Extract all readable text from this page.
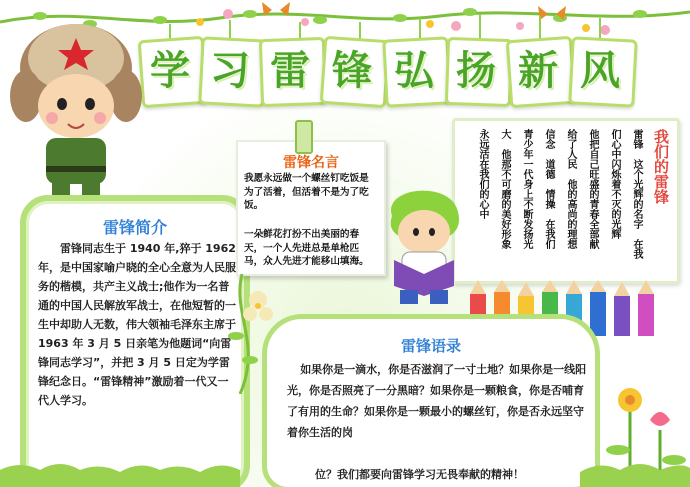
学 习 雷 锋 弘 扬 新 风
雷锋简介

雷锋同志生于 1940 年,猝于 1962 年，是中国家喻户晓的全心全意为人民服务的楷模，共产主义战士;他作为一名普通的中国人民解放军战士，在他短暂的一生中却助人无数，伟大领袖毛泽东主席于 1963 年 3 月 5 日亲笔为他题词“向雷锋同志学习”，并把 3 月 5 日定为学雷锋纪念日。“雷锋精神”激励着一代又一代人学习。

雷锋名言
我愿永远做一个螺丝钉吃饭是为了活着，但活着不是为了吃饭。
一朵鲜花打扮不出美丽的春天，一个人先进总是单枪匹马，众人先进才能移山填海。
我们的雷锋
雷锋　这个光辉的名字　在我
们心中闪烁着不灭的光辉
他把自己旺盛的青春全部献
给了人民　他的高尚的理想
信念　道德　情操　在我们
青少年一代身上不断发扬光
大　他那不可磨的美好形象
永远活在我们的心中
雷锋语录

如果你是一滴水，你是否滋润了一寸土地？如果你是一线阳光，你是否照亮了一分黑暗？如果你是一颗粮食，你是否哺育了有用的生命？如果你是一颗最小的螺丝钉，你是否永远坚守着你生活的岗

位？我们都要向雷锋学习无畏奉献的精神！
